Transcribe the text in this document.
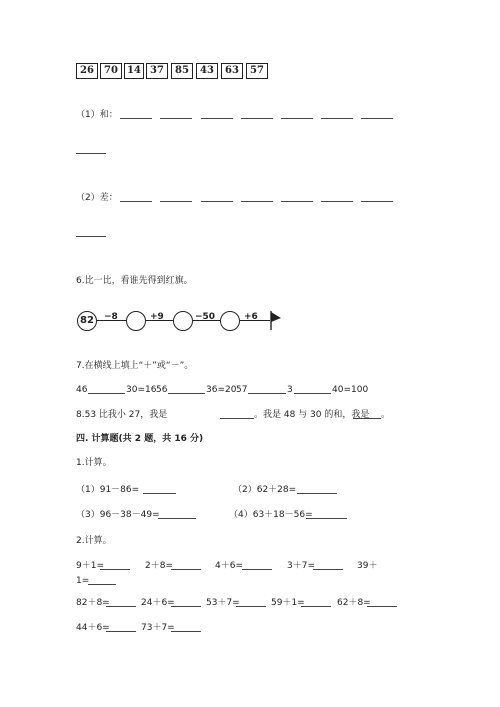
26	70 14 37	85	43	63	57
（1）和：
（2）差：
6.比一比，看谁先得到红旗。
82	−8	+9	−50	+6
7.在横线上填上“＋”或“－”。
46	30=16 56	36=20 57	3	40=100
8.53 比我小 27，我是	。我是 48 与 30 的和，我是 。
四. 计算题(共 2 题，共 16 分)
1.计算。
（1）91－86=	（2）62＋28=
（3）96－38－49=	（4）63＋18－56=
2.计算。
9＋1=	2＋8=	4＋6=	3＋7=	39＋
1=
82＋8=	24＋6=	53＋7=	59＋1=	62＋8=
44＋6=	73＋7=
